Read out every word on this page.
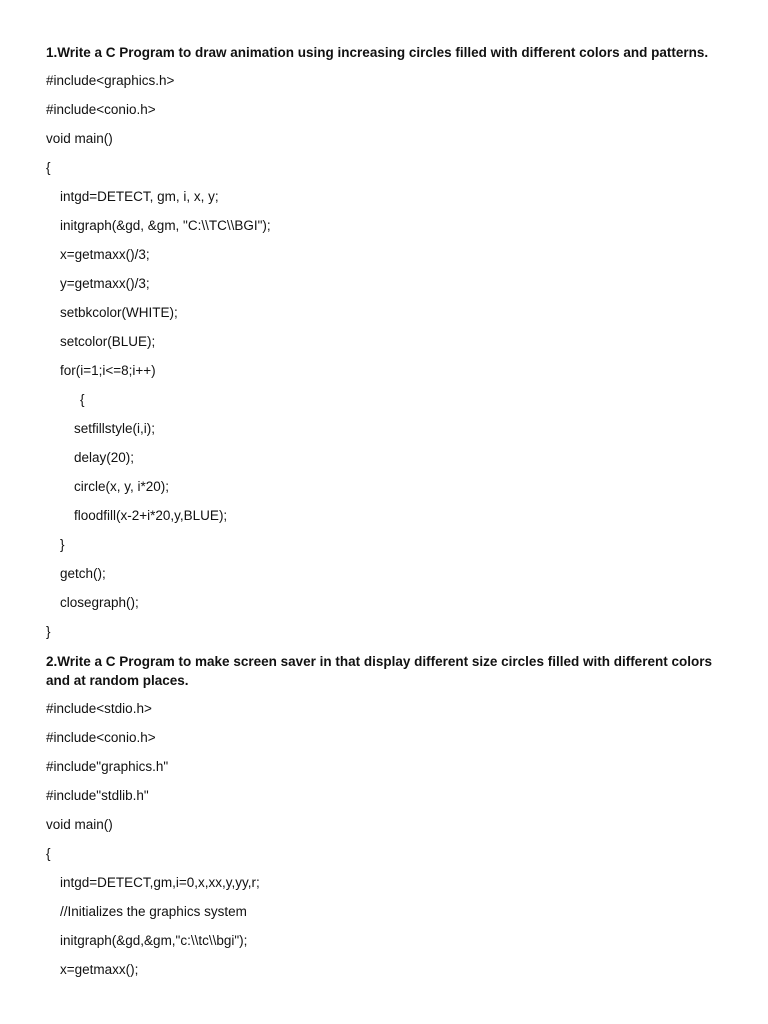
1.Write a C Program to draw animation using increasing circles filled with different colors and patterns.
#include<graphics.h>
#include<conio.h>
void main()
{
intgd=DETECT, gm, i, x, y;
initgraph(&gd, &gm, "C:\\TC\\BGI");
x=getmaxx()/3;
y=getmaxx()/3;
setbkcolor(WHITE);
setcolor(BLUE);
for(i=1;i<=8;i++)
{
setfillstyle(i,i);
delay(20);
circle(x, y, i*20);
floodfill(x-2+i*20,y,BLUE);
}
getch();
closegraph();
}
2.Write a C Program to make screen saver in that display different size circles filled with different colors and at random places.
#include<stdio.h>
#include<conio.h>
#include"graphics.h"
#include"stdlib.h"
void main()
{
intgd=DETECT,gm,i=0,x,xx,y,yy,r;
//Initializes the graphics system
initgraph(&gd,&gm,"c:\\tc\\bgi");
x=getmaxx();
